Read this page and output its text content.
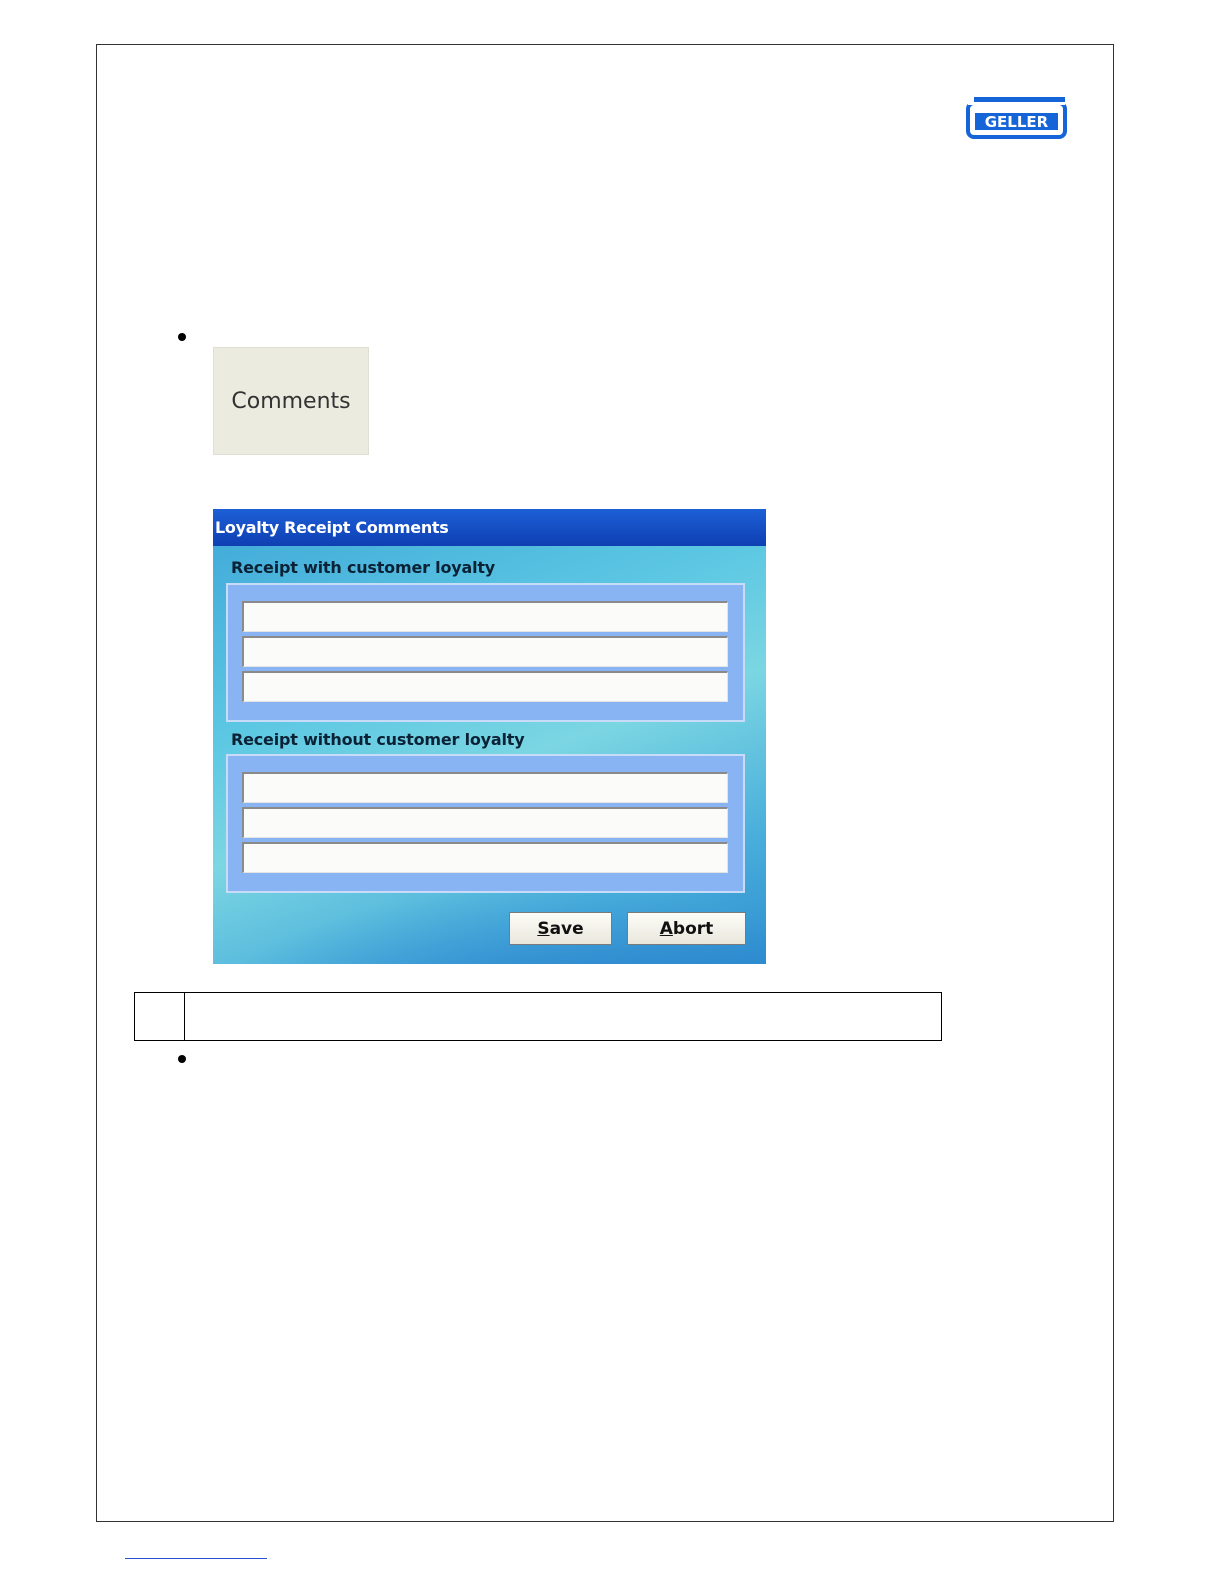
GELLER
Comments
Loyalty Receipt Comments
Receipt with customer loyalty
Receipt without customer loyalty
S ave	A bort
